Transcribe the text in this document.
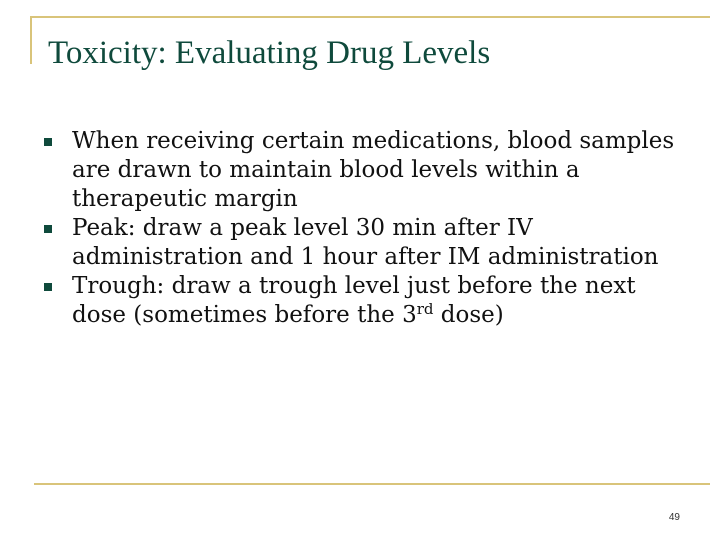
Toxicity: Evaluating Drug Levels
When receiving certain medications, blood samples are drawn to maintain blood levels within a therapeutic margin
Peak: draw a peak level 30 min after IV administration and 1 hour after IM administration
Trough: draw a trough level just before the next dose (sometimes before the 3rd dose)
49
